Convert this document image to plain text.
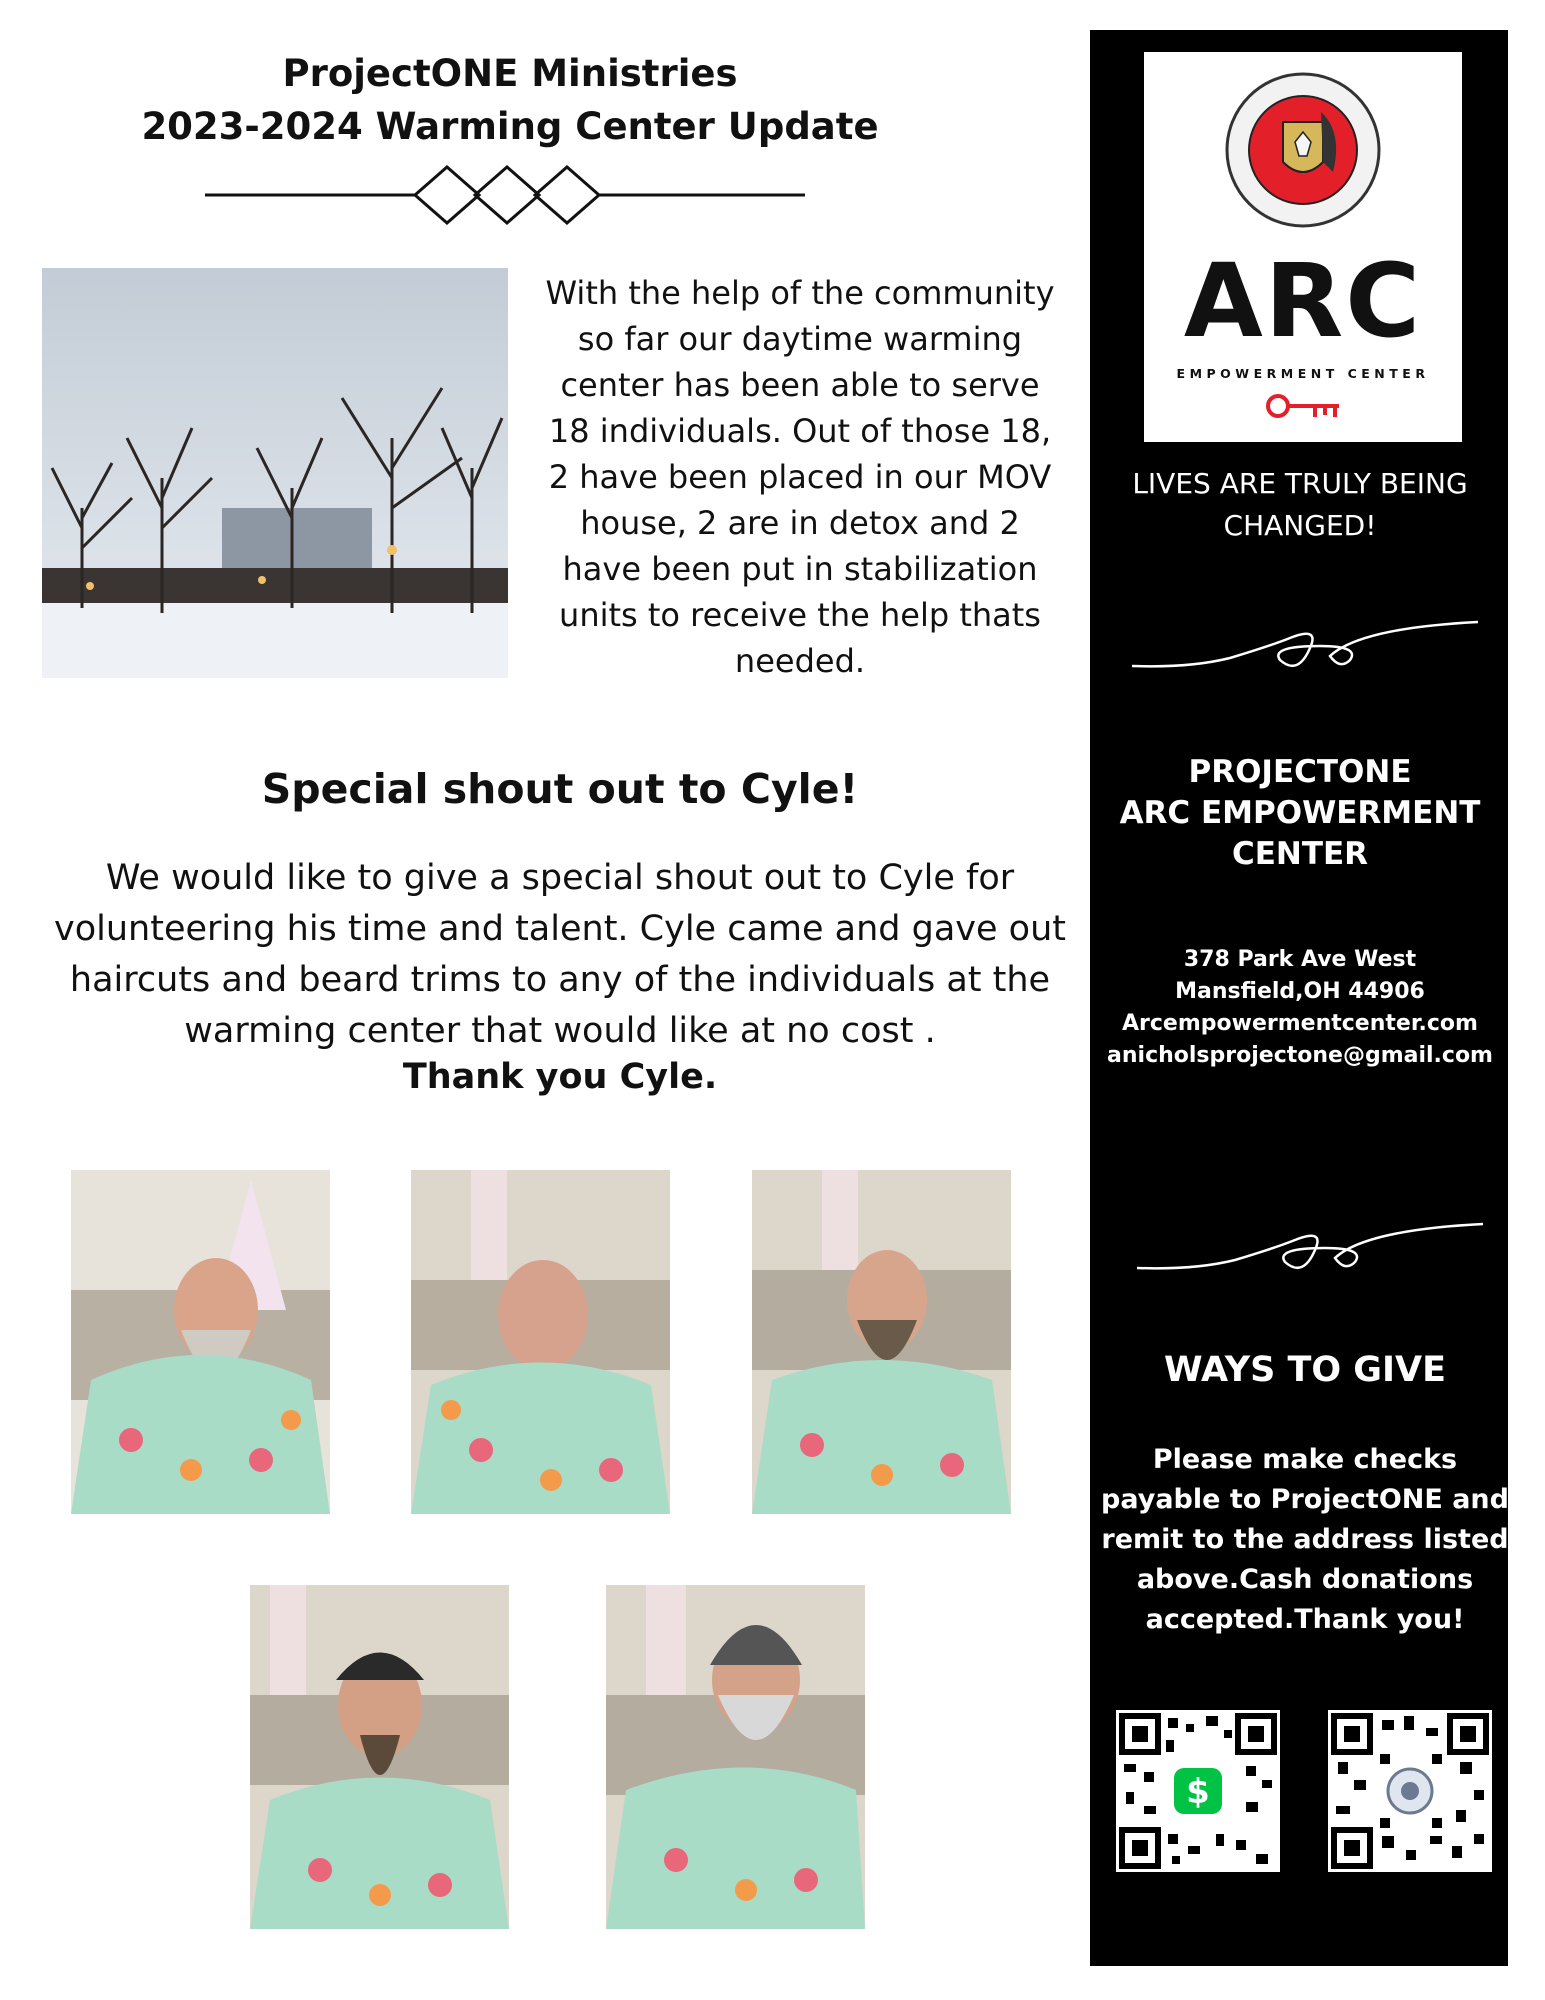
ProjectONE Ministries
2023-2024 Warming Center Update
With the help of the community so far our daytime warming center has been able to serve 18 individuals. Out of those 18, 2 have been placed in our MOV house, 2 are in detox and 2 have been put in stabilization units to receive the help thats needed.
Special shout out to Cyle!
We would like to give a special shout out to Cyle for volunteering his time and talent. Cyle came and gave out haircuts and beard trims to any of the individuals at the warming center that would like at no cost .
Thank you Cyle.
ARC
EMPOWERMENT CENTER
LIVES ARE TRULY BEING CHANGED!
PROJECTONE
ARC EMPOWERMENT
CENTER
378 Park Ave West
Mansfield,OH 44906
Arcempowermentcenter.com
anicholsprojectone@gmail.com
WAYS TO GIVE
Please make checks payable to ProjectONE and remit to the address listed above.Cash donations accepted.Thank you!
$
